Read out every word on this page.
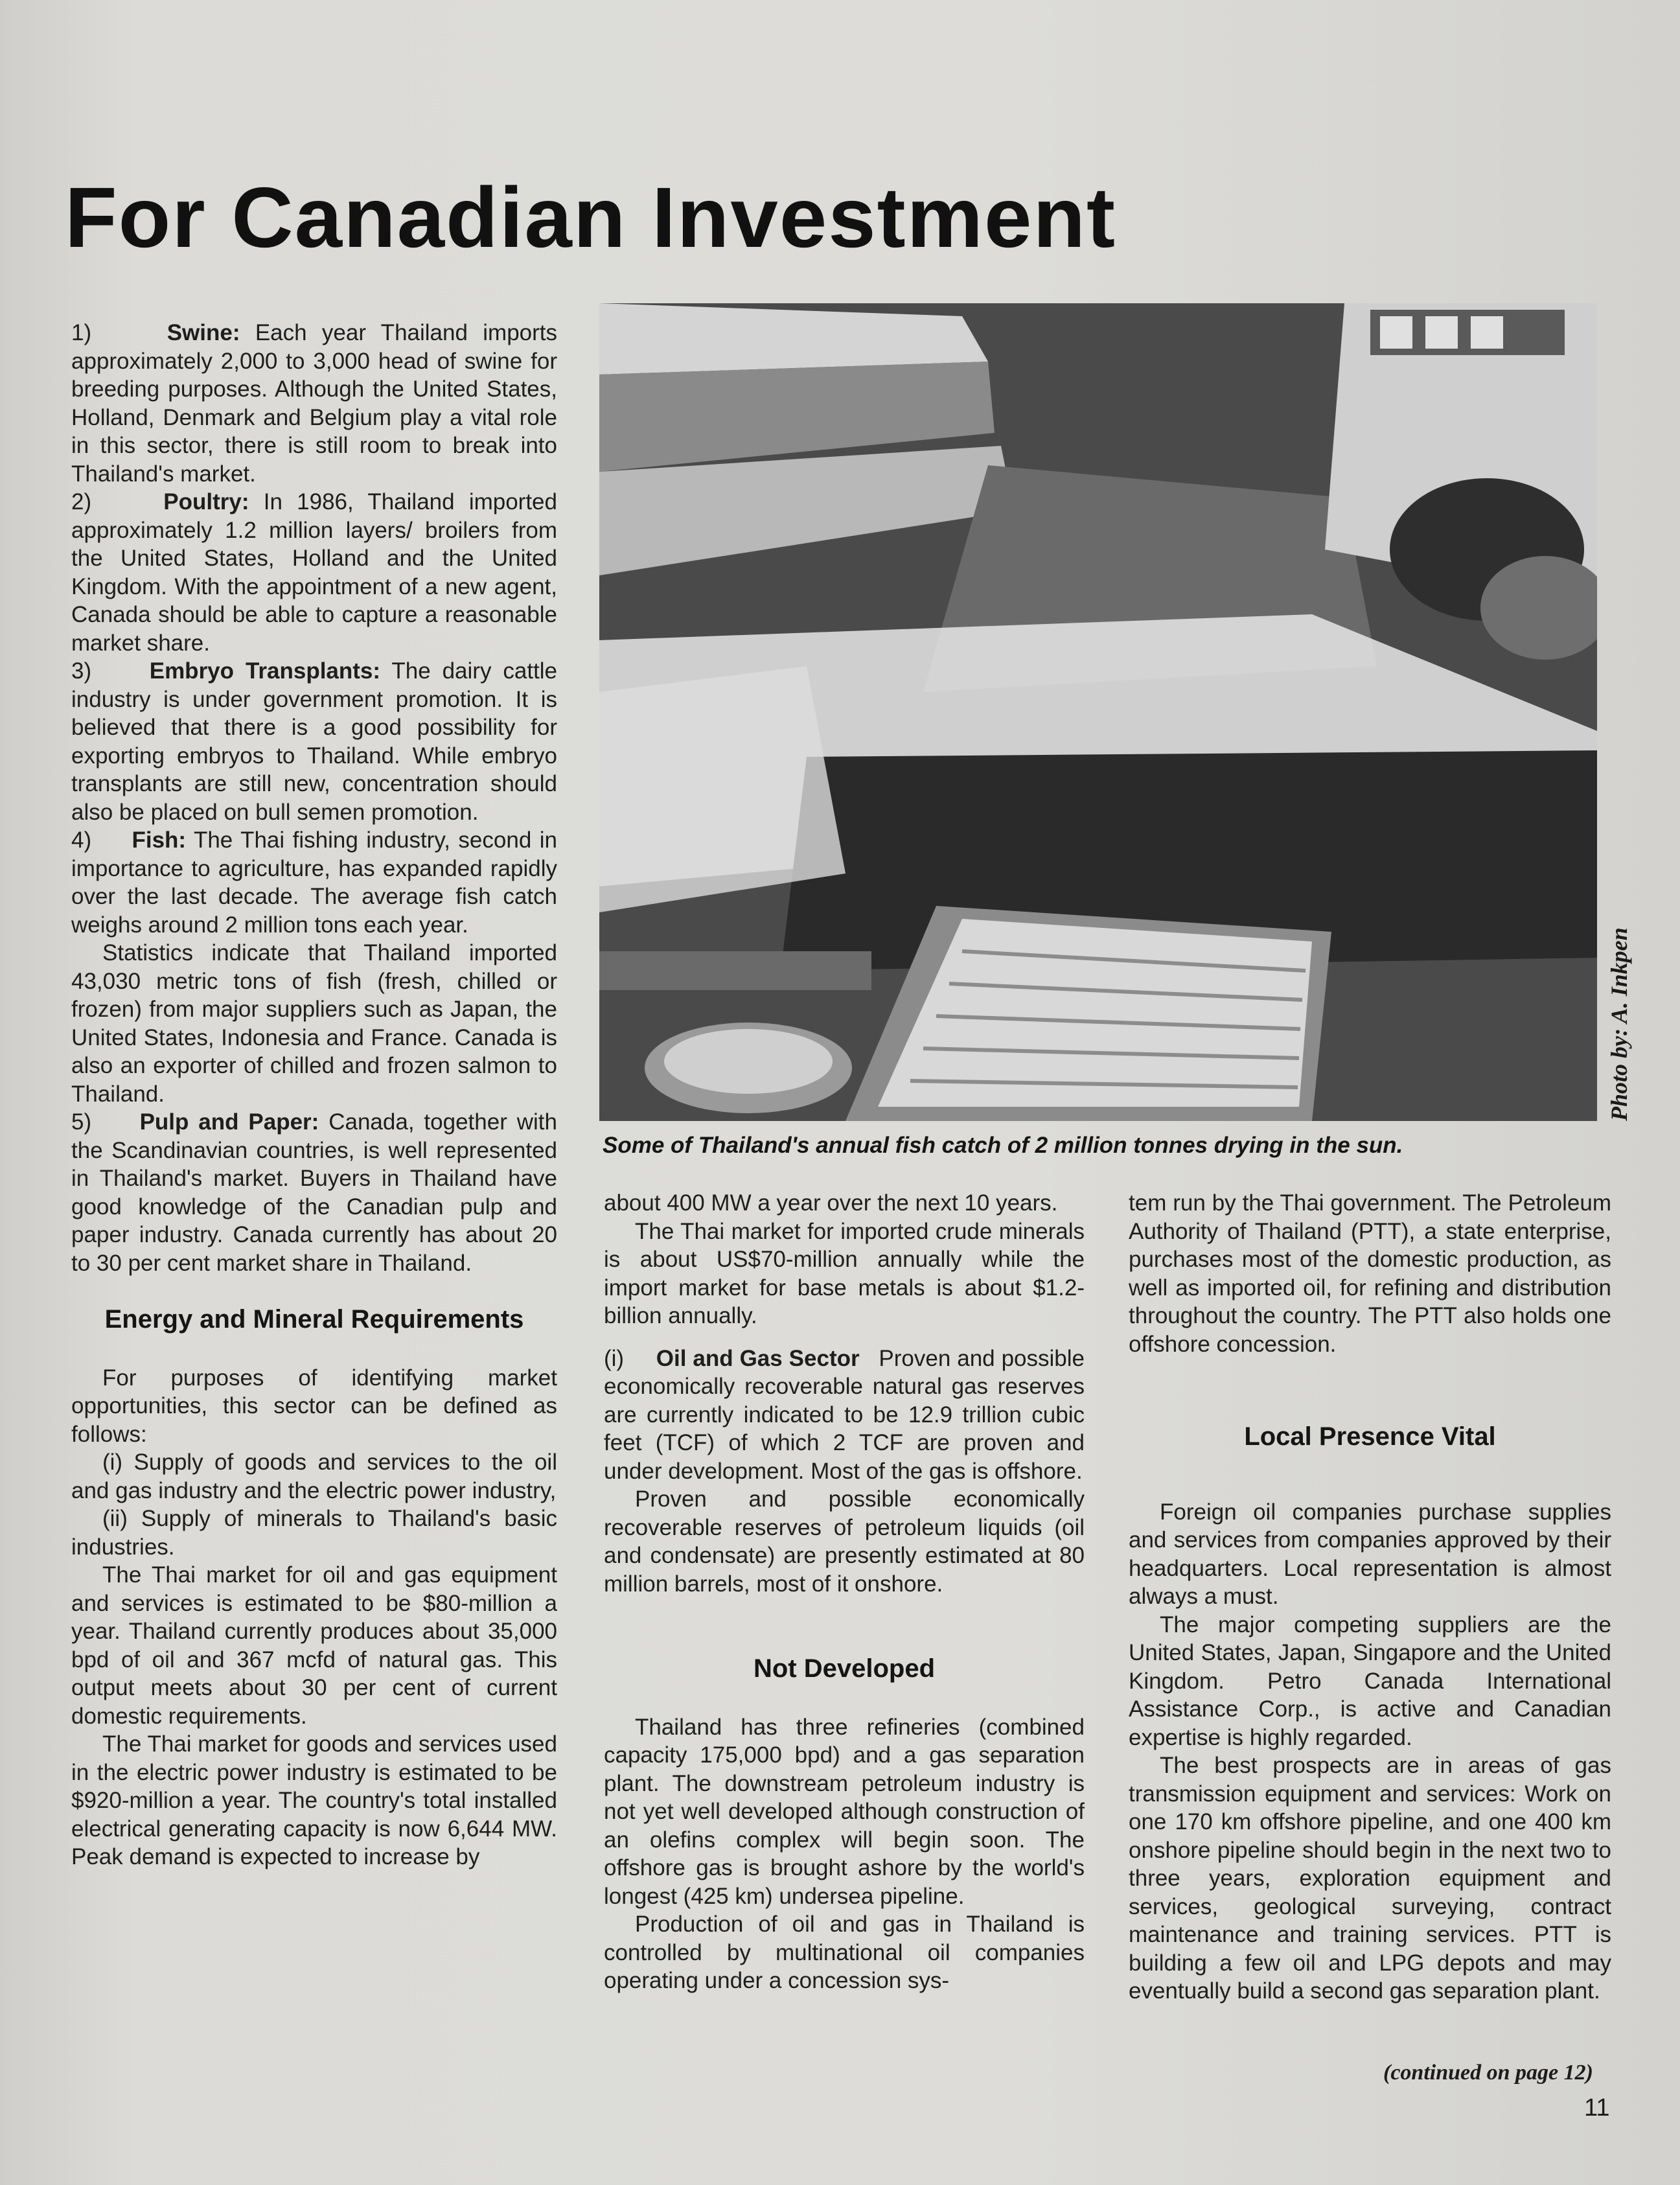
For Canadian Investment

1)	Swine: Each year Thailand imports approximately 2,000 to 3,000 head of swine for breeding purposes. Although the United States, Holland, Denmark and Belgium play a vital role in this sector, there is still room to break into Thailand's market.

2)	Poultry: In 1986, Thailand imported approximately 1.2 million layers/ broilers from the United States, Holland and the United Kingdom. With the appointment of a new agent, Canada should be able to capture a reasonable market share.

3)	Embryo Transplants: The dairy cattle industry is under government promotion. It is believed that there is a good possibility for exporting embryos to Thailand. While embryo transplants are still new, concentration should also be placed on bull semen promotion.

4) Fish: The Thai fishing industry, second in importance to agriculture, has expanded rapidly over the last decade. The average fish catch weighs around 2 million tons each year.

Statistics indicate that Thailand imported 43,030 metric tons of fish (fresh, chilled or frozen) from major suppliers such as Japan, the United States, Indonesia and France. Canada is also an exporter of chilled and frozen salmon to Thailand.

5) Pulp and Paper: Canada, together with the Scandinavian countries, is well represented in Thailand's market. Buyers in Thailand have good knowledge of the Canadian pulp and paper industry. Canada currently has about 20 to 30 per cent market share in Thailand.

Energy and Mineral Requirements

For purposes of identifying market opportunities, this sector can be defined as follows:

(i) Supply of goods and services to the oil and gas industry and the electric power industry,

(ii) Supply of minerals to Thailand's basic industries.

The Thai market for oil and gas equipment and services is estimated to be $80-million a year. Thailand currently produces about 35,000 bpd of oil and 367 mcfd of natural gas. This output meets about 30 per cent of current domestic requirements.

The Thai market for goods and services used in the electric power industry is estimated to be $920-million a year. The country's total installed electrical generating capacity is now 6,644 MW. Peak demand is expected to increase by

Photo by: A. Inkpen
Some of Thailand's annual fish catch of 2 million tonnes drying in the sun.

about 400 MW a year over the next 10 years.

The Thai market for imported crude minerals is about US$70-million annually while the import market for base metals is about $1.2-billion annually.

(i) Oil and Gas Sector Proven and possible economically recoverable natural gas reserves are currently indicated to be 12.9 trillion cubic feet (TCF) of which 2 TCF are proven and under development. Most of the gas is offshore.

Proven and possible economically recoverable reserves of petroleum liquids (oil and condensate) are presently estimated at 80 million barrels, most of it onshore.

Not Developed

Thailand has three refineries (combined capacity 175,000 bpd) and a gas separation plant. The downstream petroleum industry is not yet well developed although construction of an olefins complex will begin soon. The offshore gas is brought ashore by the world's longest (425 km) undersea pipeline.

Production of oil and gas in Thailand is controlled by multinational oil companies operating under a concession sys-

tem run by the Thai government. The Petroleum Authority of Thailand (PTT), a state enterprise, purchases most of the domestic production, as well as imported oil, for refining and distribution throughout the country. The PTT also holds one offshore concession.

Local Presence Vital

Foreign oil companies purchase supplies and services from companies approved by their headquarters. Local representation is almost always a must.

The major competing suppliers are the United States, Japan, Singapore and the United Kingdom. Petro Canada International Assistance Corp., is active and Canadian expertise is highly regarded.

The best prospects are in areas of gas transmission equipment and services: Work on one 170 km offshore pipeline, and one 400 km onshore pipeline should begin in the next two to three years, exploration equipment and services, geological surveying, contract maintenance and training services. PTT is building a few oil and LPG depots and may eventually build a second gas separation plant.

(continued on page 12)
11
